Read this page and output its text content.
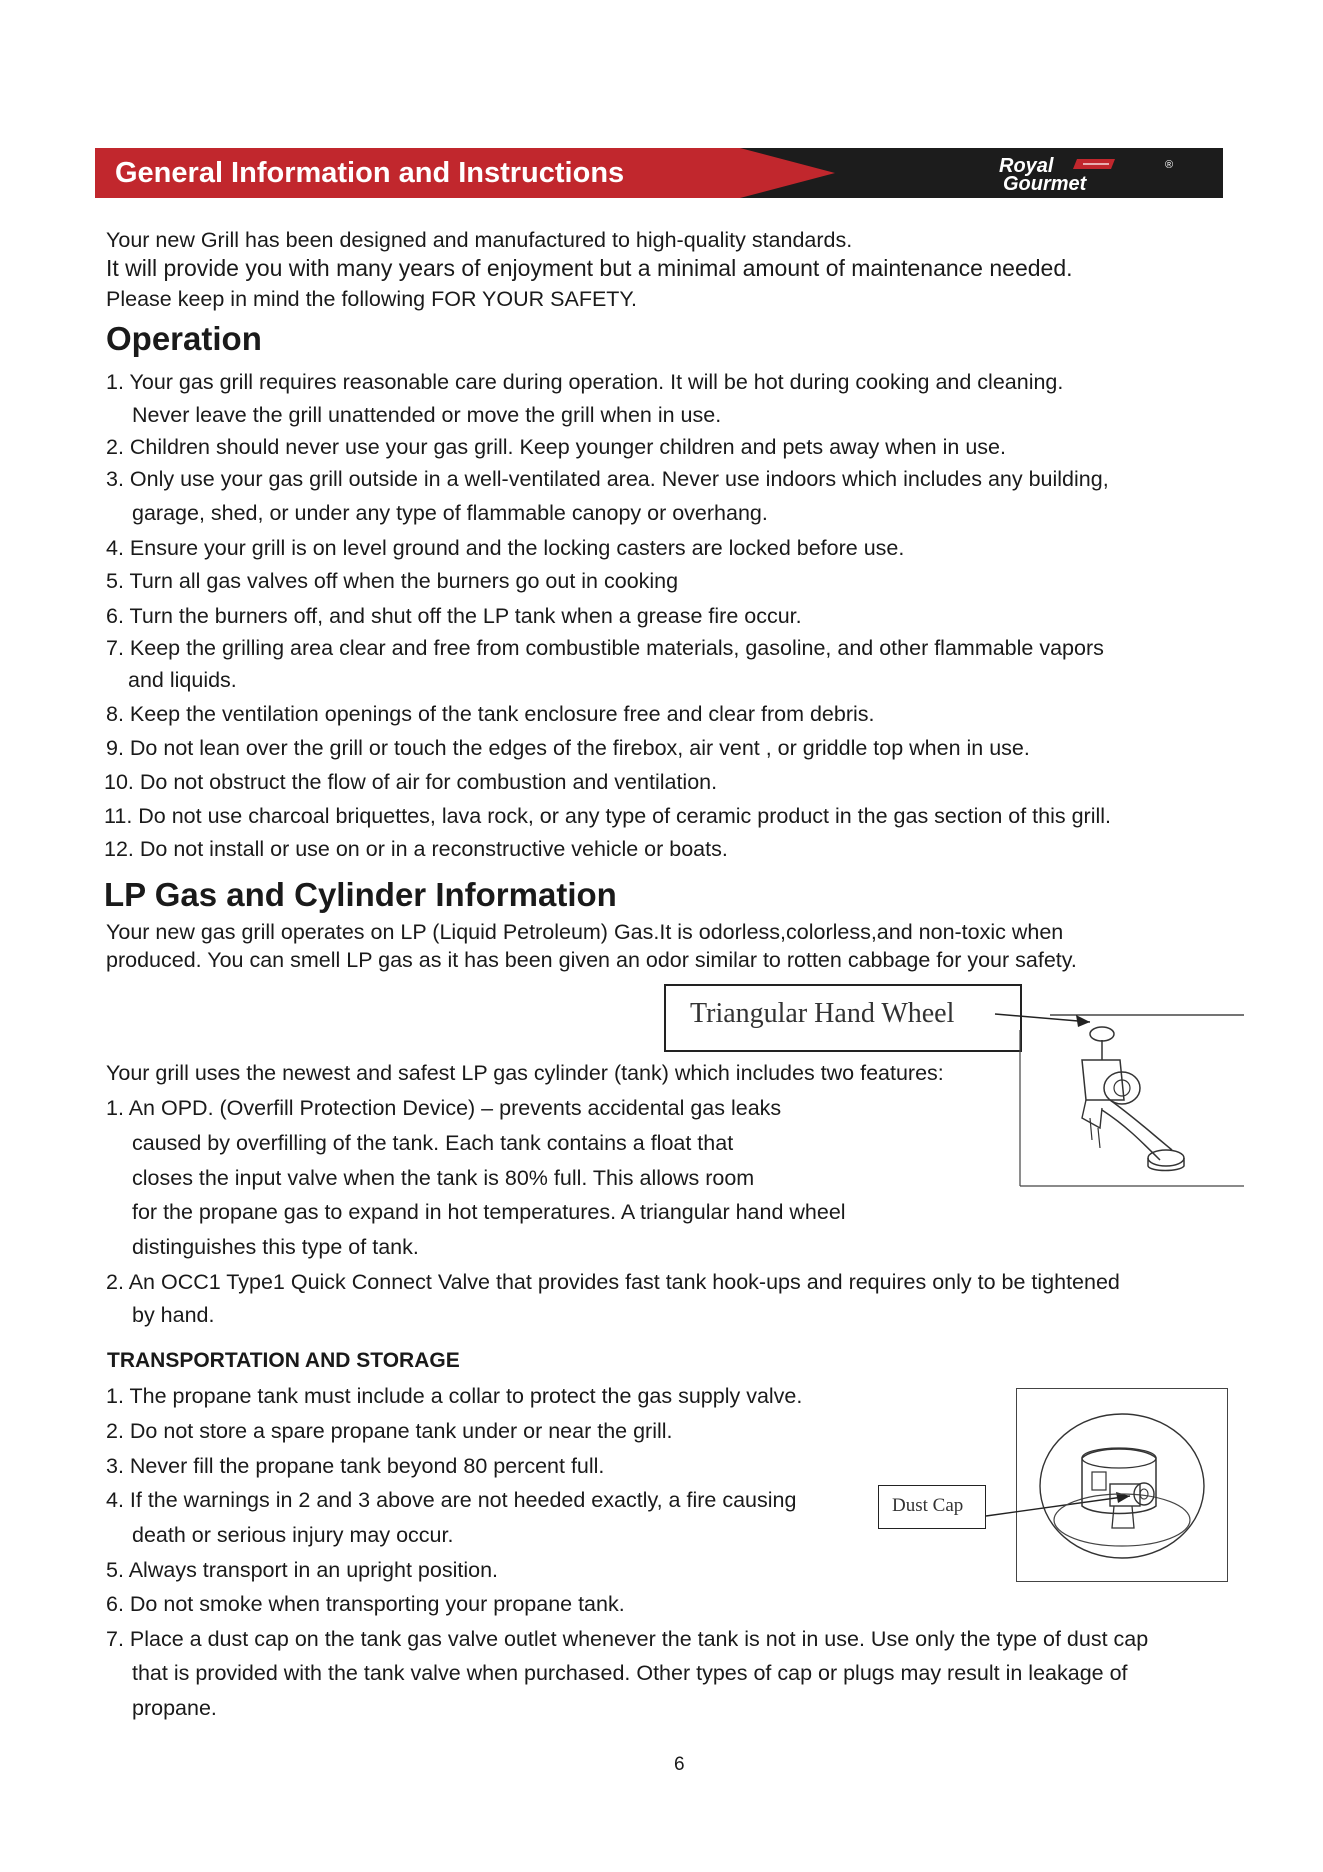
General Information and Instructions	Royal
Gourmet
®
Your new Grill has been designed and manufactured to high-quality standards.
It will provide you with many years of enjoyment but a minimal amount of maintenance needed.
Please keep in mind the following FOR YOUR SAFETY.
Operation
1. Your gas grill requires reasonable care during operation. It will be hot during cooking and cleaning.
Never leave the grill unattended or move the grill when in use.
2. Children should never use your gas grill. Keep younger children and pets away when in use.
3. Only use your gas grill outside in a well-ventilated area. Never use indoors which includes any building,
garage, shed, or under any type of flammable canopy or overhang.
4. Ensure your grill is on level ground and the locking casters are locked before use.
5. Turn all gas valves off when the burners go out in cooking
6. Turn the burners off, and shut off the LP tank when a grease fire occur.
7. Keep the grilling area clear and free from combustible materials, gasoline, and other flammable vapors
and liquids.
8. Keep the ventilation openings of the tank enclosure free and clear from debris.
9. Do not lean over the grill or touch the edges of the firebox, air vent , or griddle top when in use.
10. Do not obstruct the flow of air for combustion and ventilation.
11. Do not use charcoal briquettes, lava rock, or any type of ceramic product in the gas section of this grill.
12. Do not install or use on or in a reconstructive vehicle or boats.
LP Gas and Cylinder Information
Your new gas grill operates on LP (Liquid Petroleum) Gas.It is odorless,colorless,and non-toxic when
produced. You can smell LP gas as it has been given an odor similar to rotten cabbage for your safety.
Triangular Hand Wheel
Your grill uses the newest and safest LP gas cylinder (tank) which includes two features:
1. An OPD. (Overfill Protection Device) – prevents accidental gas leaks
caused by overfilling of the tank. Each tank contains a float that
closes the input valve when the tank is 80% full. This allows room
for the propane gas to expand in hot temperatures. A triangular hand wheel
distinguishes this type of tank.
2. An OCC1 Type1 Quick Connect Valve that provides fast tank hook-ups and requires only to be tightened
by hand.
TRANSPORTATION AND STORAGE
1. The propane tank must include a collar to protect the gas supply valve.
2. Do not store a spare propane tank under or near the grill.
3. Never fill the propane tank beyond 80 percent full.
4. If the warnings in 2 and 3 above are not heeded exactly, a fire causing
death or serious injury may occur.
5. Always transport in an upright position.
6. Do not smoke when transporting your propane tank.
7. Place a dust cap on the tank gas valve outlet whenever the tank is not in use. Use only the type of dust cap
that is provided with the tank valve when purchased. Other types of cap or plugs may result in leakage of
propane.
Dust Cap
6
